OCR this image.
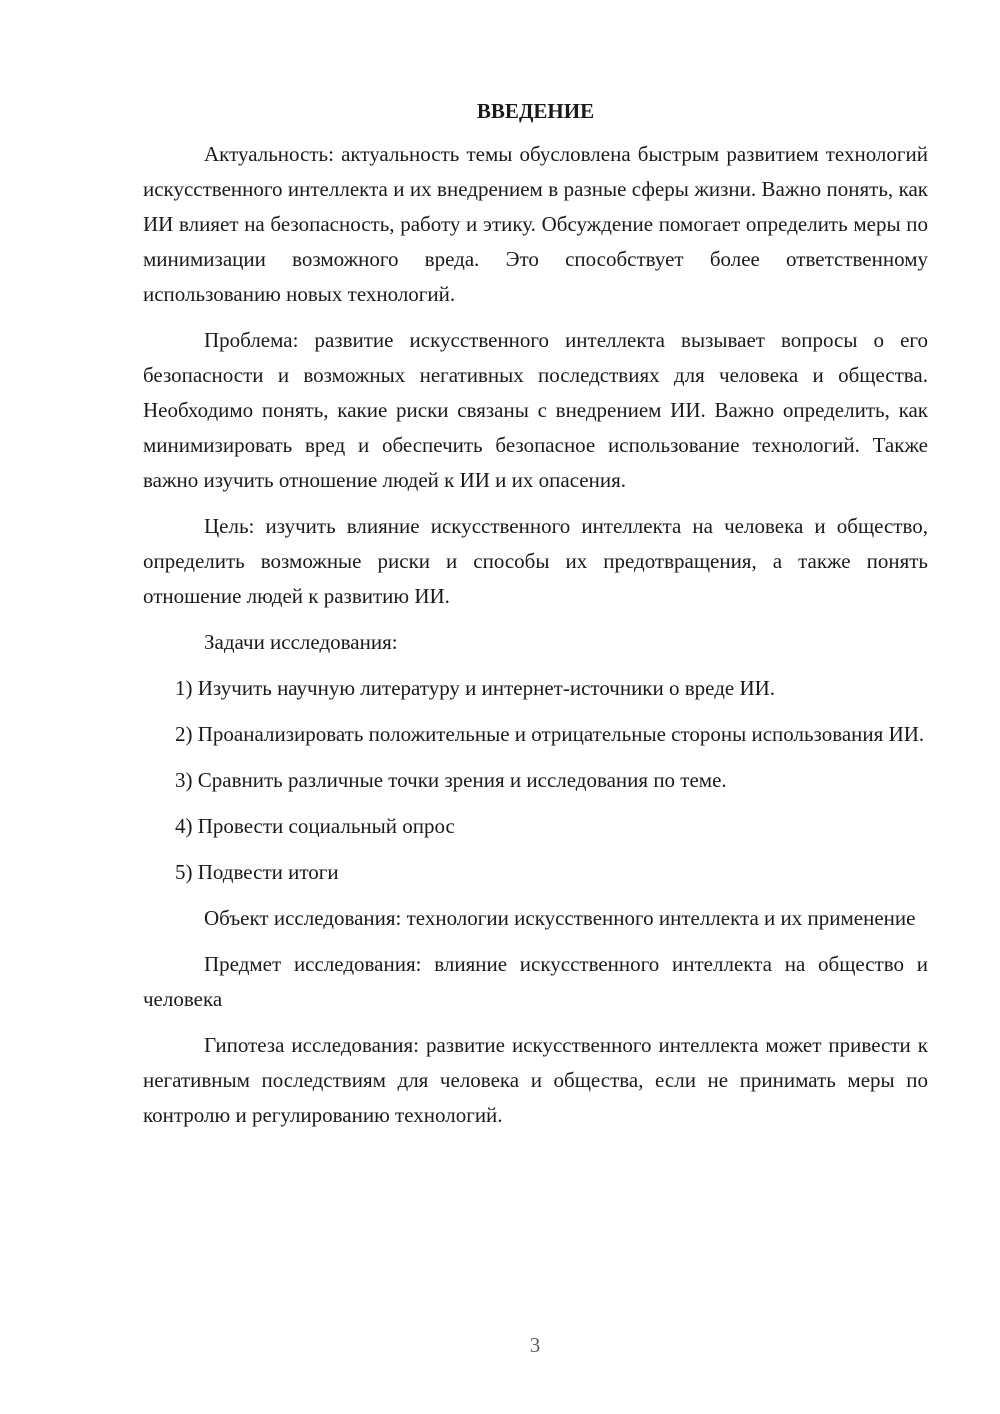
ВВЕДЕНИЕ

Актуальность: актуальность темы обусловлена быстрым развитием технологий искусственного интеллекта и их внедрением в разные сферы жизни. Важно понять, как ИИ влияет на безопасность, работу и этику. Обсуждение помогает определить меры по минимизации возможного вреда. Это способствует более ответственному использованию новых технологий.

Проблема: развитие искусственного интеллекта вызывает вопросы о его безопасности и возможных негативных последствиях для человека и общества. Необходимо понять, какие риски связаны с внедрением ИИ. Важно определить, как минимизировать вред и обеспечить безопасное использование технологий. Также важно изучить отношение людей к ИИ и их опасения.

Цель: изучить влияние искусственного интеллекта на человека и общество, определить возможные риски и способы их предотвращения, а также понять отношение людей к развитию ИИ.

Задачи исследования:

1) Изучить научную литературу и интернет-источники о вреде ИИ.

2) Проанализировать положительные и отрицательные стороны использования ИИ.

3) Сравнить различные точки зрения и исследования по теме.

4) Провести социальный опрос

5) Подвести итоги

Объект исследования: технологии искусственного интеллекта и их применение

Предмет исследования: влияние искусственного интеллекта на общество и человека

Гипотеза исследования: развитие искусственного интеллекта может привести к негативным последствиям для человека и общества, если не принимать меры по контролю и регулированию технологий.

3
